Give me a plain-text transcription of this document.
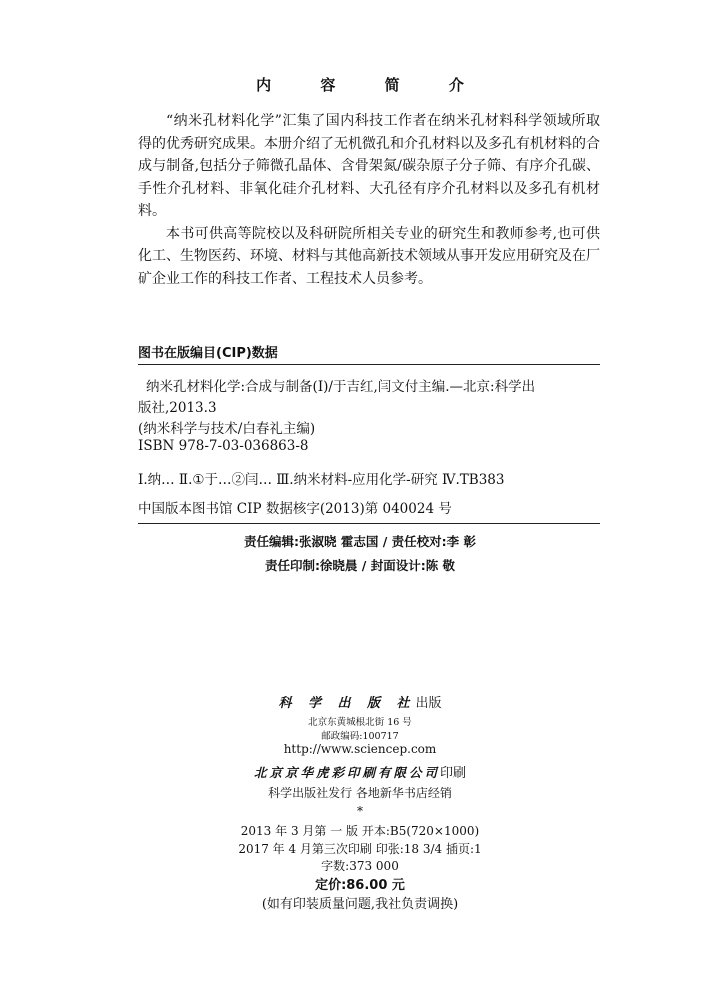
内 容 简 介

“纳米孔材料化学”汇集了国内科技工作者在纳米孔材料科学领域所取得的优秀研究成果。本册介绍了无机微孔和介孔材料以及多孔有机材料的合成与制备,包括分子筛微孔晶体、含骨架氮/碳杂原子分子筛、有序介孔碳、手性介孔材料、非氧化硅介孔材料、大孔径有序介孔材料以及多孔有机材料。

本书可供高等院校以及科研院所相关专业的研究生和教师参考,也可供化工、生物医药、环境、材料与其他高新技术领域从事开发应用研究及在厂矿企业工作的科技工作者、工程技术人员参考。

图书在版编目(CIP)数据
纳米孔材料化学:合成与制备(Ⅰ)/于吉红,闫文付主编.—北京:科学出
版社,2013.3
(纳米科学与技术/白春礼主编)
ISBN 978-7-03-036863-8
Ⅰ.纳… Ⅱ.①于…②闫… Ⅲ.纳米材料-应用化学-研究 Ⅳ.TB383
中国版本图书馆 CIP 数据核字(2013)第 040024 号
责任编辑:张淑晓 霍志国 / 责任校对:李 彰
责任印制:徐晓晨 / 封面设计:陈 敬
科 学 出 版 社出版
北京东黄城根北街 16 号
邮政编码:100717
http://www.sciencep.com
北京京华虎彩印刷有限公司印刷
科学出版社发行 各地新华书店经销
*
2013 年 3 月第 一 版 开本:B5(720×1000)
2017 年 4 月第三次印刷 印张:18 3/4 插页:1
字数:373 000
定价:86.00 元
(如有印装质量问题,我社负责调换)
